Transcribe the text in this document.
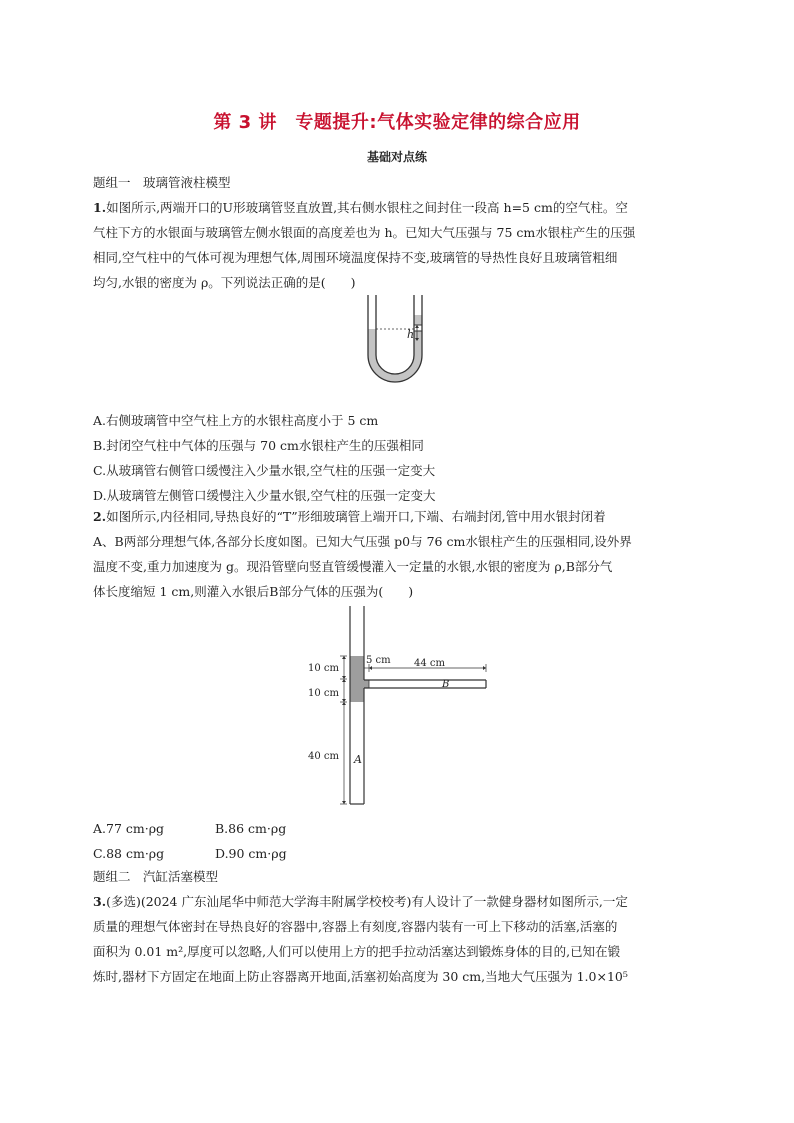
第 3 讲　专题提升:气体实验定律的综合应用
基础对点练
题组一　玻璃管液柱模型
1.如图所示,两端开口的U形玻璃管竖直放置,其右侧水银柱之间封住一段高 h=5 cm的空气柱。空
气柱下方的水银面与玻璃管左侧水银面的高度差也为 h。已知大气压强与 75 cm水银柱产生的压强
相同,空气柱中的气体可视为理想气体,周围环境温度保持不变,玻璃管的导热性良好且玻璃管粗细
均匀,水银的密度为 ρ。下列说法正确的是(　　)
h
A.右侧玻璃管中空气柱上方的水银柱高度小于 5 cm
B.封闭空气柱中气体的压强与 70 cm水银柱产生的压强相同
C.从玻璃管右侧管口缓慢注入少量水银,空气柱的压强一定变大
D.从玻璃管左侧管口缓慢注入少量水银,空气柱的压强一定变大
2.如图所示,内径相同,导热良好的“T”形细玻璃管上端开口,下端、右端封闭,管中用水银封闭着
A、B两部分理想气体,各部分长度如图。已知大气压强 p0与 76 cm水银柱产生的压强相同,设外界
温度不变,重力加速度为 g。现沿管壁向竖直管缓慢灌入一定量的水银,水银的密度为 ρ,B部分气
体长度缩短 1 cm,则灌入水银后B部分气体的压强为(　　)
10 cm
10 cm
40 cm
5 cm 44 cm
A
B
A.77 cm·ρg	B.86 cm·ρg
C.88 cm·ρg	D.90 cm·ρg
题组二　汽缸活塞模型
3.(多选)(2024 广东汕尾华中师范大学海丰附属学校校考)有人设计了一款健身器材如图所示,一定
质量的理想气体密封在导热良好的容器中,容器上有刻度,容器内装有一可上下移动的活塞,活塞的
面积为 0.01 m²,厚度可以忽略,人们可以使用上方的把手拉动活塞达到锻炼身体的目的,已知在锻
炼时,器材下方固定在地面上防止容器离开地面,活塞初始高度为 30 cm,当地大气压强为 1.0×10⁵
